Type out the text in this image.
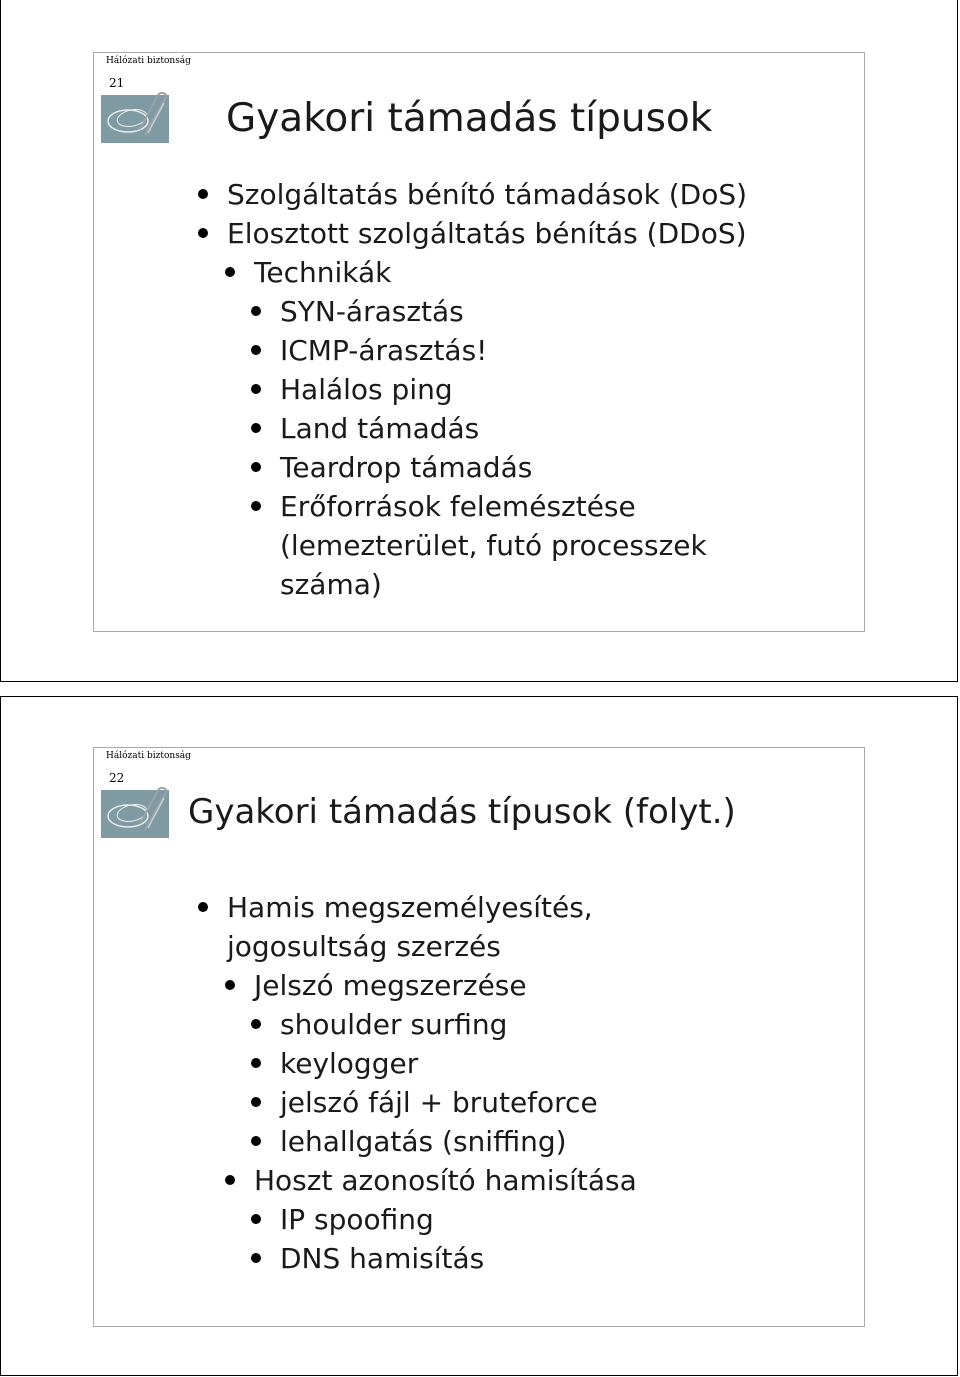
Hálózati biztonság
21
Gyakori támadás típusok
Szolgáltatás bénító támadások (DoS)
Elosztott szolgáltatás bénítás (DDoS)
Technikák
SYN-árasztás
ICMP-árasztás!
Halálos ping
Land támadás
Teardrop támadás
Erőforrások felemésztése
(lemezterület, futó processzek
száma)
Hálózati biztonság
22
Gyakori támadás típusok (folyt.)
Hamis megszemélyesítés,
jogosultság szerzés
Jelszó megszerzése
shoulder surfing
keylogger
jelszó fájl + bruteforce
lehallgatás (sniffing)
Hoszt azonosító hamisítása
IP spoofing
DNS hamisítás
